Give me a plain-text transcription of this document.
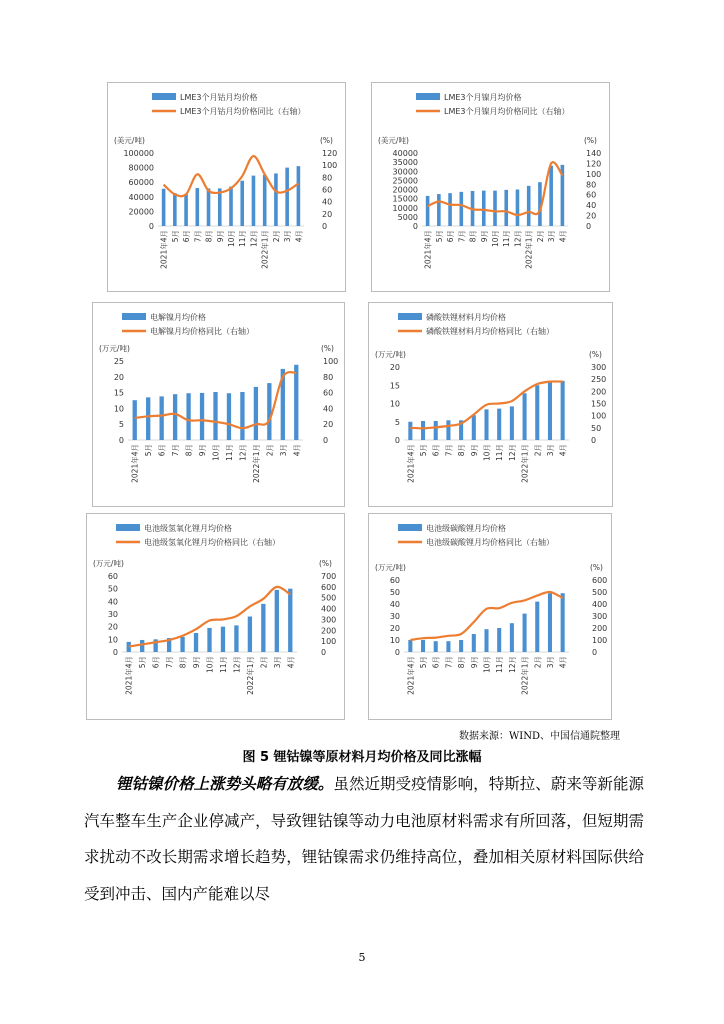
LME3个月钴月均价格
LME3个月钴月均价格同比（右轴）
(美元/吨)	(%)
0
20000
40000
60000
80000
100000
0
20
40
60
80
100
120
2021年4月 5月 6月 7月 8月 9月 10月 11月 12月 2022年1月 2月 3月 4月
LME3个月镍月均价格
LME3个月镍月均价格同比（右轴）
(美元/吨)	(%)
0
5000
10000
15000
20000
25000
30000
35000
40000
0
20
40
60
80
100
120
140
2021年4月 5月 6月 7月 8月 9月 10月 11月 12月 2022年1月 2月 3月 4月
电解镍月均价格
电解镍月均价格同比（右轴）
(万元/吨)	(%)
0
5
10
15
20
25
0
20
40
60
80
100
2021年4月 5月 6月 7月 8月 9月 10月 11月 12月 2022年1月 2月 3月 4月
磷酸铁锂材料月均价格
磷酸铁锂材料月均价格同比（右轴）
(万元/吨)	(%)
0
5
10
15
20
0
50
100
150
200
250
300
2021年4月 5月 6月 7月 8月 9月 10月 11月 12月 2022年1月 2月 3月 4月
电池级氢氧化锂月均价格
电池级氢氧化锂月均价格同比（右轴）
(万元/吨)	(%)
0
10
20
30
40
50
60
0
100
200
300
400
500
600
700
2021年4月 5月 6月 7月 8月 9月 10月 11月 12月 2022年1月 2月 3月 4月
电池级碳酸锂月均价格
电池级碳酸锂月均价格同比（右轴）
(万元/吨)	(%)
0
10
20
30
40
50
60
0
100
200
300
400
500
600
2021年4月 5月 6月 7月 8月 9月 10月 11月 12月 2022年1月 2月 3月 4月
数据来源：WIND、中国信通院整理
图 5 锂钴镍等原材料月均价格及同比涨幅

锂钴镍价格上涨势头略有放缓。虽然近期受疫情影响，特斯拉、蔚来等新能源汽车整车生产企业停减产，导致锂钴镍等动力电池原材料需求有所回落，但短期需求扰动不改长期需求增长趋势，锂钴镍需求仍维持高位，叠加相关原材料国际供给受到冲击、国内产能难以尽

5
